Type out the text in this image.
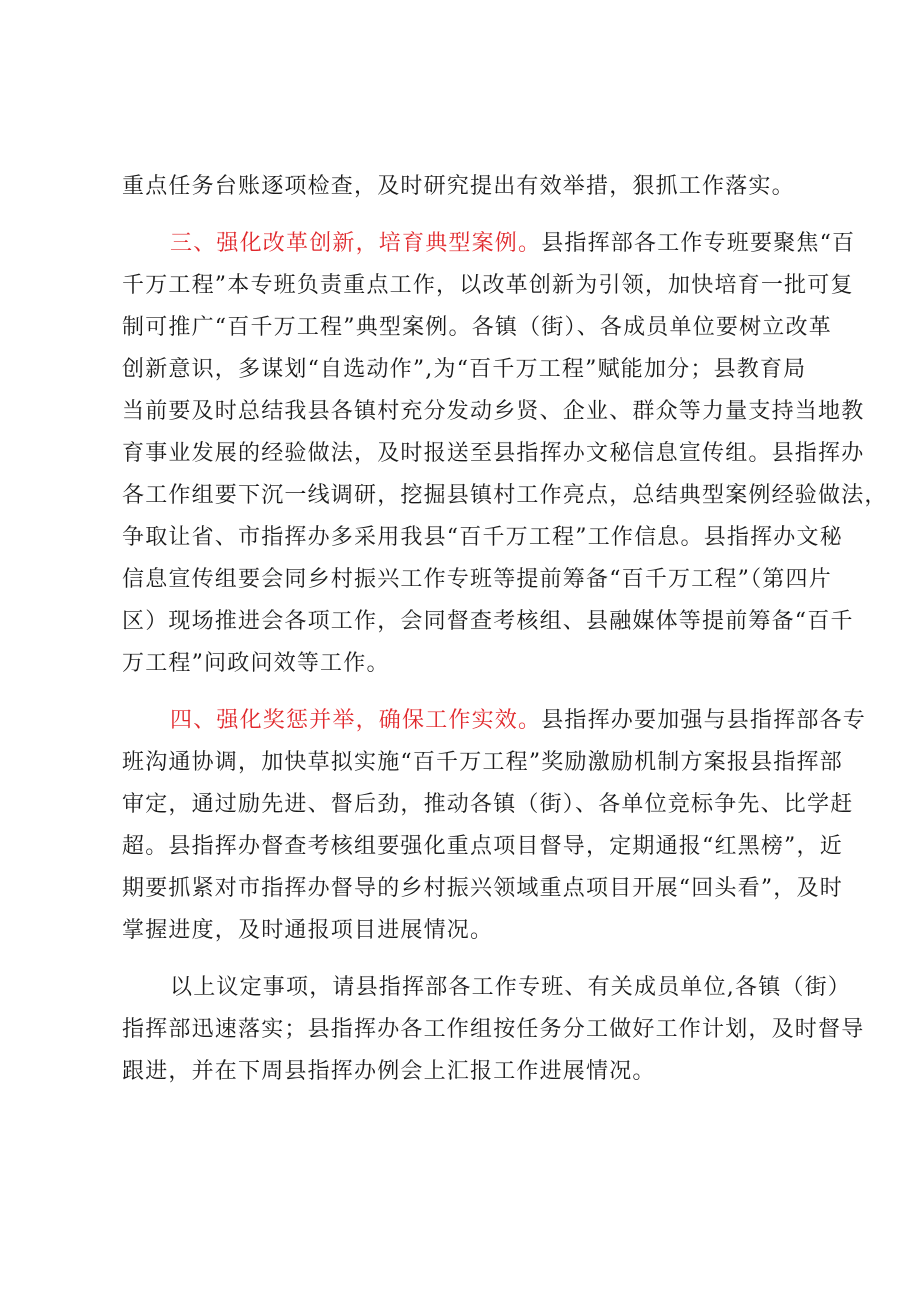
重点任务台账逐项检查，及时研究提出有效举措，狠抓工作落实。
三、强化改革创新，培育典型案例。县指挥部各工作专班要聚焦“百
千万工程”本专班负责重点工作，以改革创新为引领，加快培育一批可复
制可推广“百千万工程”典型案例。各镇（街）、各成员单位要树立改革
创新意识，多谋划“自选动作”,为“百千万工程”赋能加分；县教育局
当前要及时总结我县各镇村充分发动乡贤、企业、群众等力量支持当地教
育事业发展的经验做法，及时报送至县指挥办文秘信息宣传组。县指挥办
各工作组要下沉一线调研，挖掘县镇村工作亮点，总结典型案例经验做法，
争取让省、市指挥办多采用我县“百千万工程”工作信息。县指挥办文秘
信息宣传组要会同乡村振兴工作专班等提前筹备“百千万工程”（第四片
区）现场推进会各项工作，会同督查考核组、县融媒体等提前筹备“百千
万工程”问政问效等工作。
四、强化奖惩并举，确保工作实效。县指挥办要加强与县指挥部各专
班沟通协调，加快草拟实施“百千万工程”奖励激励机制方案报县指挥部
审定，通过励先进、督后劲，推动各镇（街）、各单位竞标争先、比学赶
超。县指挥办督查考核组要强化重点项目督导，定期通报“红黑榜”，近
期要抓紧对市指挥办督导的乡村振兴领域重点项目开展“回头看”，及时
掌握进度，及时通报项目进展情况。
以上议定事项，请县指挥部各工作专班、有关成员单位,各镇（街）
指挥部迅速落实；县指挥办各工作组按任务分工做好工作计划，及时督导
跟进，并在下周县指挥办例会上汇报工作进展情况。
